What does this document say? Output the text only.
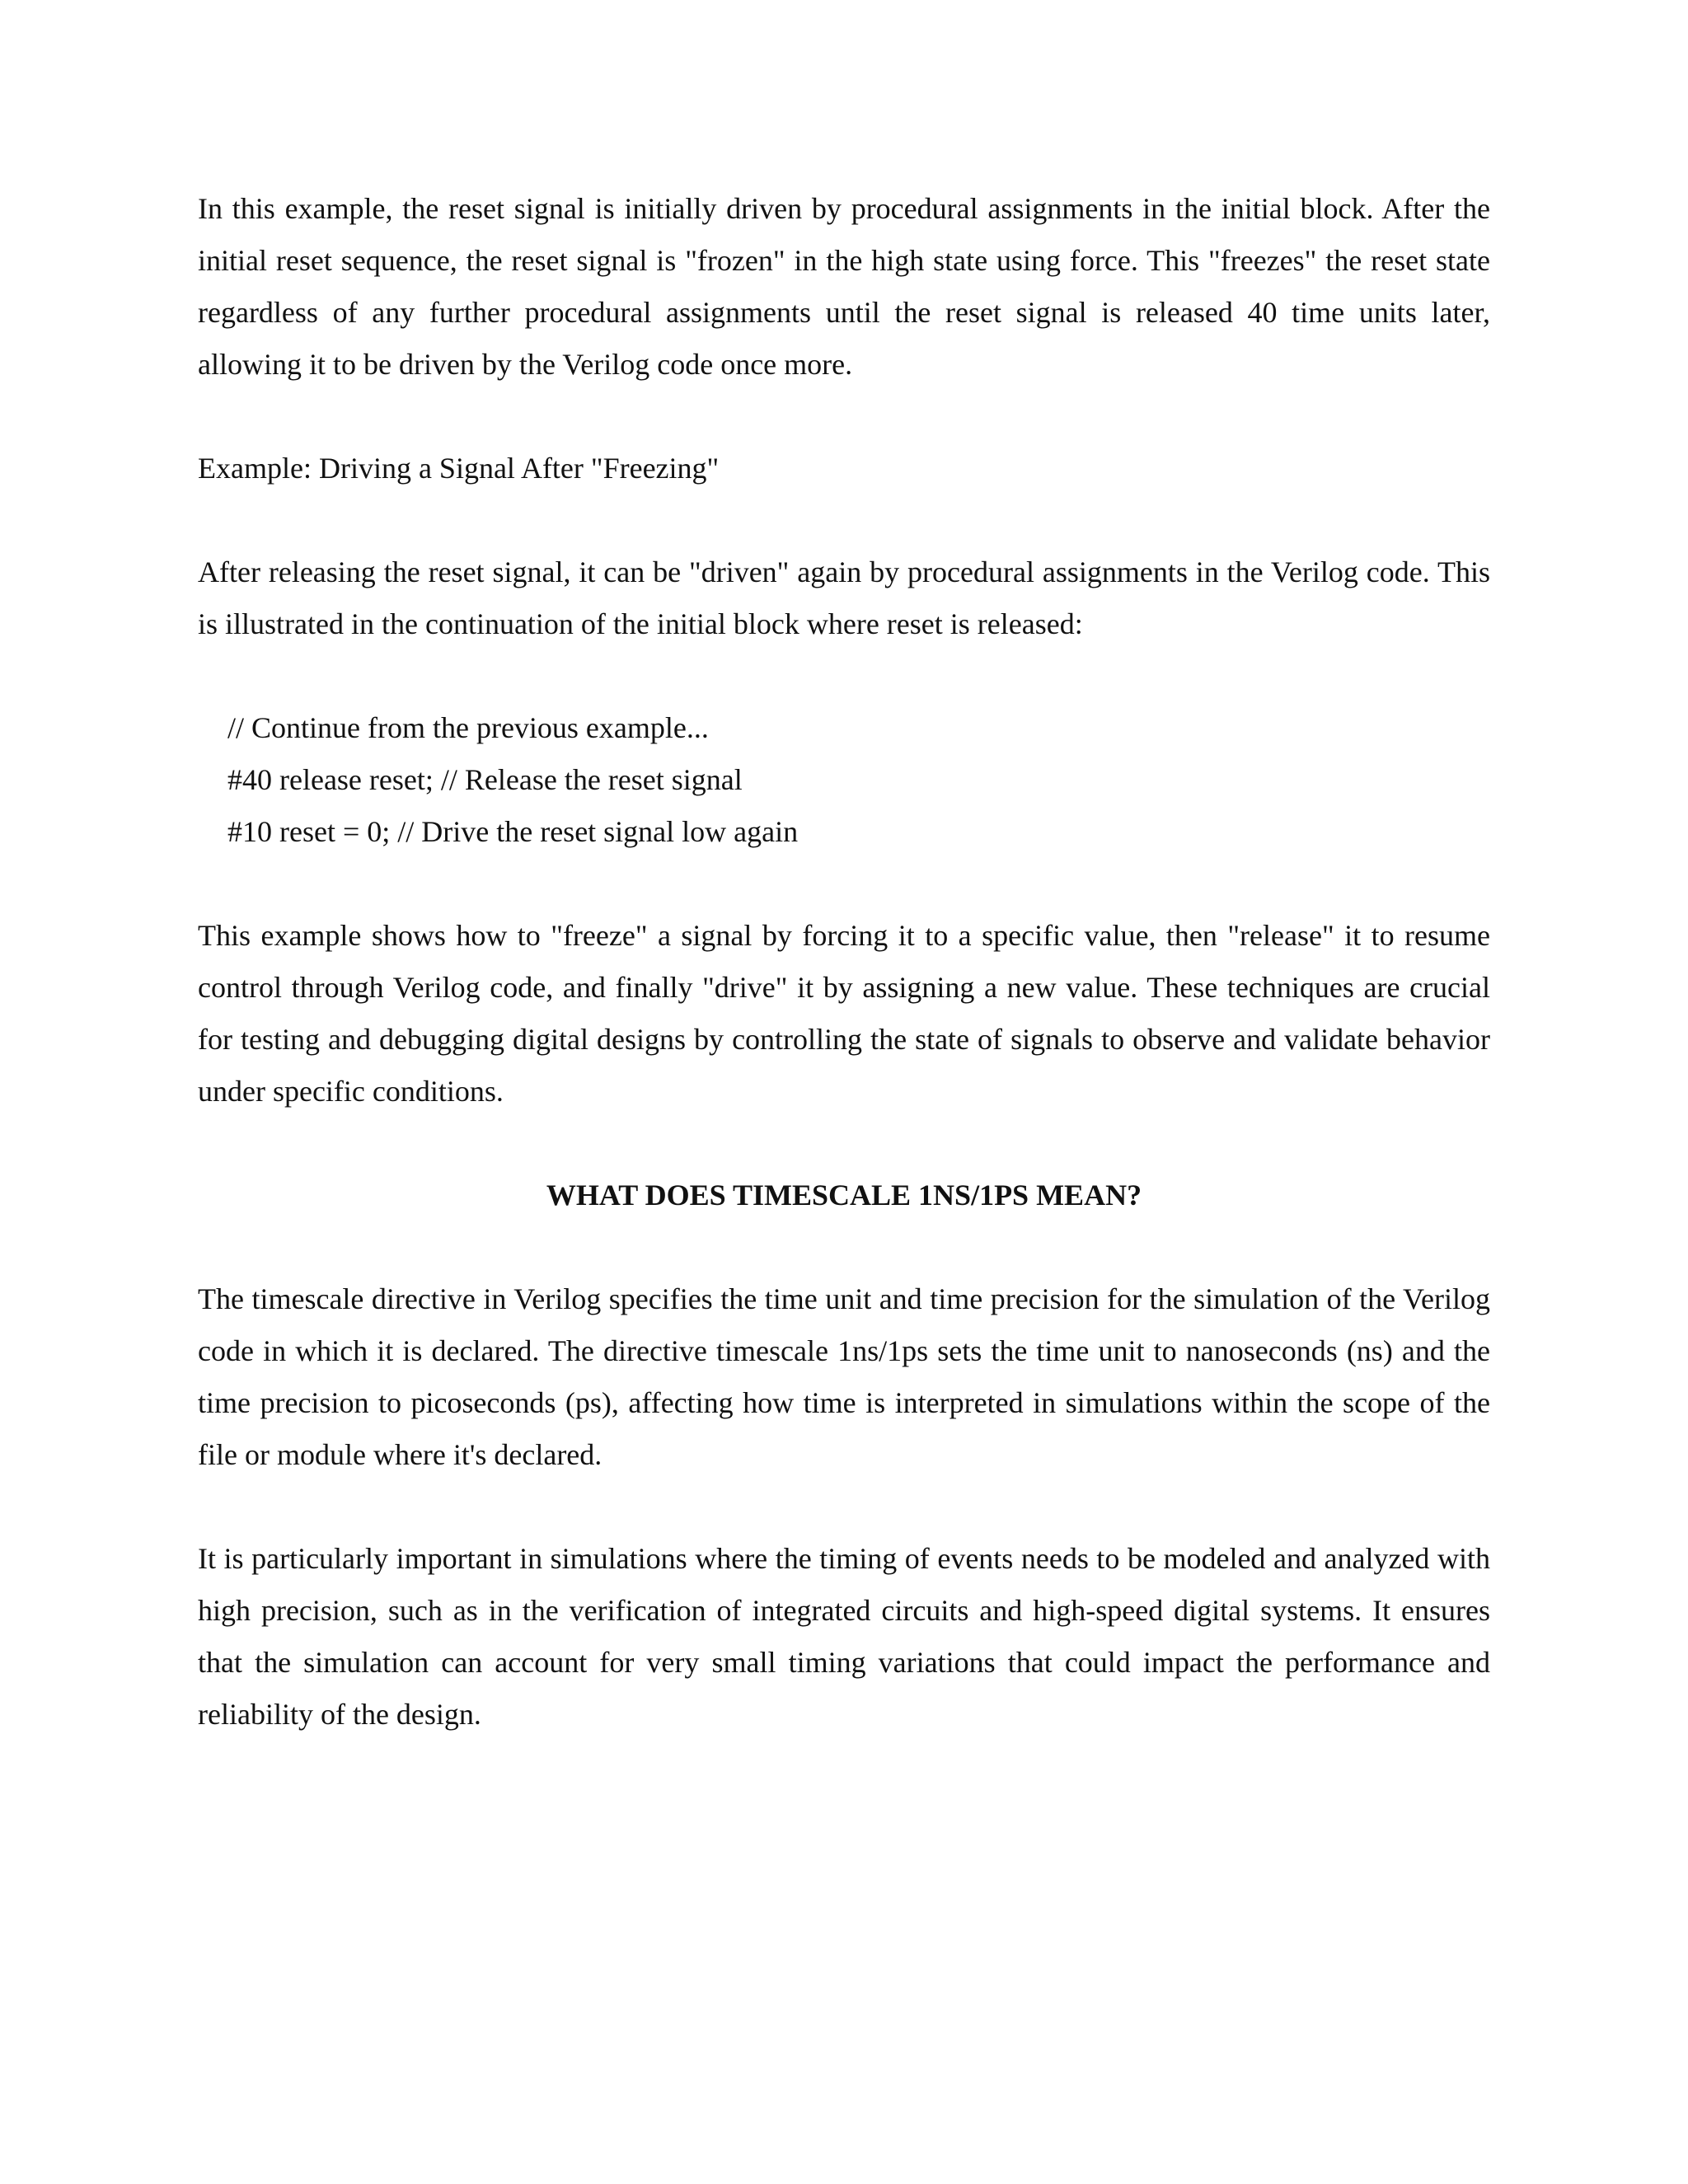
In this example, the reset signal is initially driven by procedural assignments in the initial block. After the initial reset sequence, the reset signal is "frozen" in the high state using force. This "freezes" the reset state regardless of any further procedural assignments until the reset signal is released 40 time units later, allowing it to be driven by the Verilog code once more.

Example: Driving a Signal After "Freezing"

After releasing the reset signal, it can be "driven" again by procedural assignments in the Verilog code. This is illustrated in the continuation of the initial block where reset is released:

// Continue from the previous example...

#40 release reset; // Release the reset signal

#10 reset = 0; // Drive the reset signal low again

This example shows how to "freeze" a signal by forcing it to a specific value, then "release" it to resume control through Verilog code, and finally "drive" it by assigning a new value. These techniques are crucial for testing and debugging digital designs by controlling the state of signals to observe and validate behavior under specific conditions.

WHAT DOES TIMESCALE 1NS/1PS MEAN?

The timescale directive in Verilog specifies the time unit and time precision for the simulation of the Verilog code in which it is declared. The directive timescale 1ns/1ps sets the time unit to nanoseconds (ns) and the time precision to picoseconds (ps), affecting how time is interpreted in simulations within the scope of the file or module where it's declared.

It is particularly important in simulations where the timing of events needs to be modeled and analyzed with high precision, such as in the verification of integrated circuits and high-speed digital systems. It ensures that the simulation can account for very small timing variations that could impact the performance and reliability of the design.
